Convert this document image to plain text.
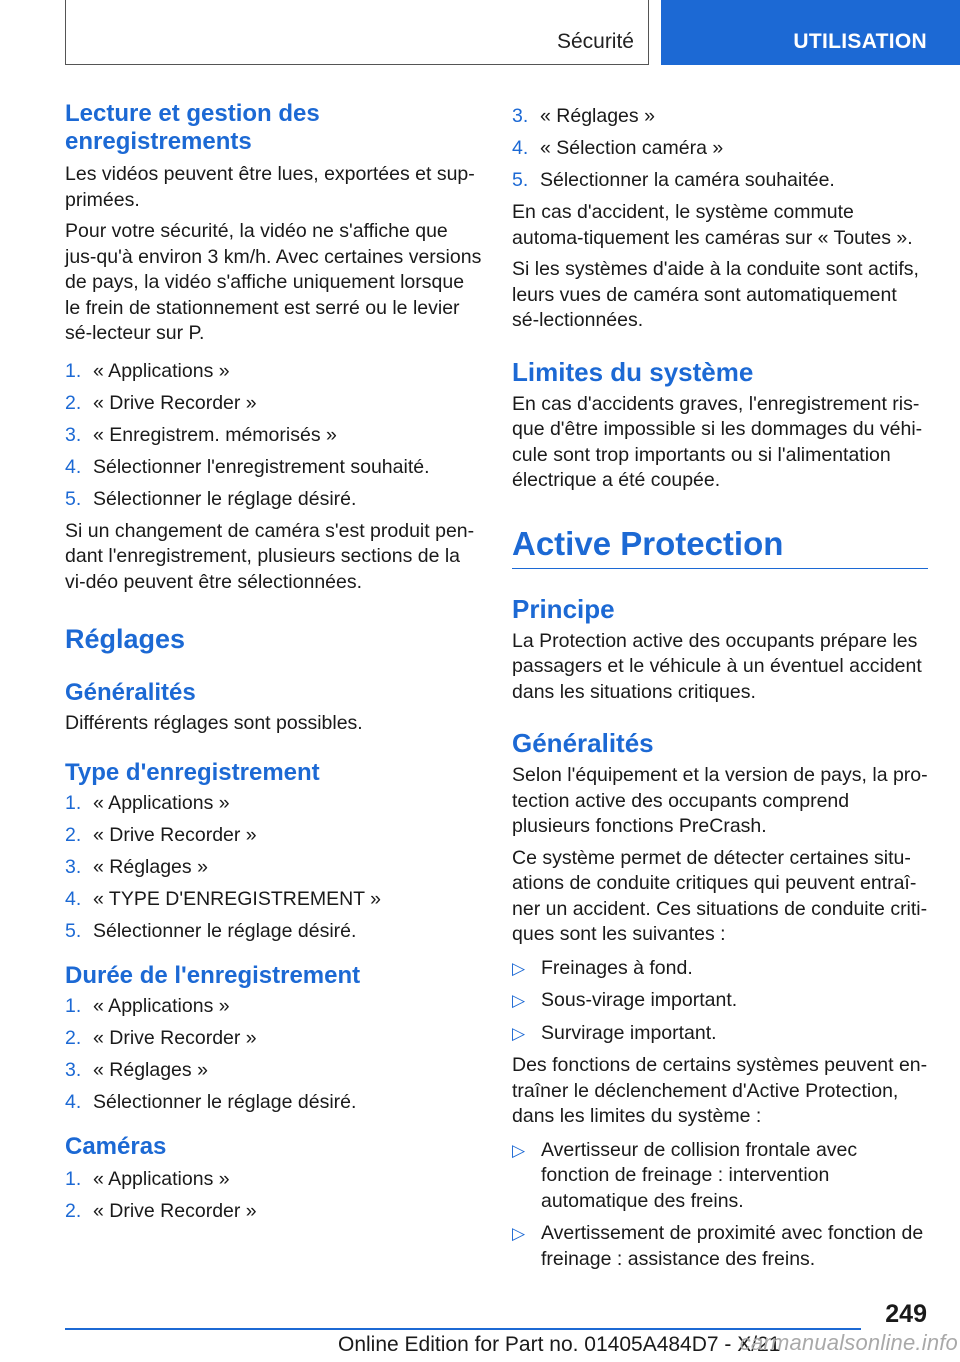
Sécurité	UTILISATION
Lecture et gestion des enregistrements

Les vidéos peuvent être lues, exportées et sup-primées.

Pour votre sécurité, la vidéo ne s'affiche que jus-qu'à environ 3 km/h. Avec certaines versions de pays, la vidéo s'affiche uniquement lorsque le frein de stationnement est serré ou le levier sé-lecteur sur P.

1. « Applications »
2. « Drive Recorder »
3. « Enregistrem. mémorisés »
4. Sélectionner l'enregistrement souhaité.
5. Sélectionner le réglage désiré.

Si un changement de caméra s'est produit pen-dant l'enregistrement, plusieurs sections de la vi-déo peuvent être sélectionnées.

Réglages
Généralités

Différents réglages sont possibles.

Type d'enregistrement
1. « Applications »
2. « Drive Recorder »
3. « Réglages »
4. « TYPE D'ENREGISTREMENT »
5. Sélectionner le réglage désiré.
Durée de l'enregistrement
1. « Applications »
2. « Drive Recorder »
3. « Réglages »
4. Sélectionner le réglage désiré.
Caméras
1. « Applications »
2. « Drive Recorder »
3. « Réglages »
4. « Sélection caméra »
5. Sélectionner la caméra souhaitée.

En cas d'accident, le système commute automa-tiquement les caméras sur « Toutes ».

Si les systèmes d'aide à la conduite sont actifs, leurs vues de caméra sont automatiquement sé-lectionnées.

Limites du système

En cas d'accidents graves, l'enregistrement ris-que d'être impossible si les dommages du véhi-cule sont trop importants ou si l'alimentation électrique a été coupée.

Active Protection
Principe

La Protection active des occupants prépare les passagers et le véhicule à un éventuel accident dans les situations critiques.

Généralités

Selon l'équipement et la version de pays, la pro-tection active des occupants comprend plusieurs fonctions PreCrash.

Ce système permet de détecter certaines situ-ations de conduite critiques qui peuvent entraî-ner un accident. Ces situations de conduite criti-ques sont les suivantes :

▷ Freinages à fond.
▷ Sous-virage important.
▷ Survirage important.

Des fonctions de certains systèmes peuvent en-traîner le déclenchement d'Active Protection, dans les limites du système :

▷ Avertisseur de collision frontale avec fonction de freinage : intervention automatique des freins.
▷ Avertissement de proximité avec fonction de freinage : assistance des freins.
249
Online Edition for Part no. 01405A484D7 - X/21
carmanualsonline.info
